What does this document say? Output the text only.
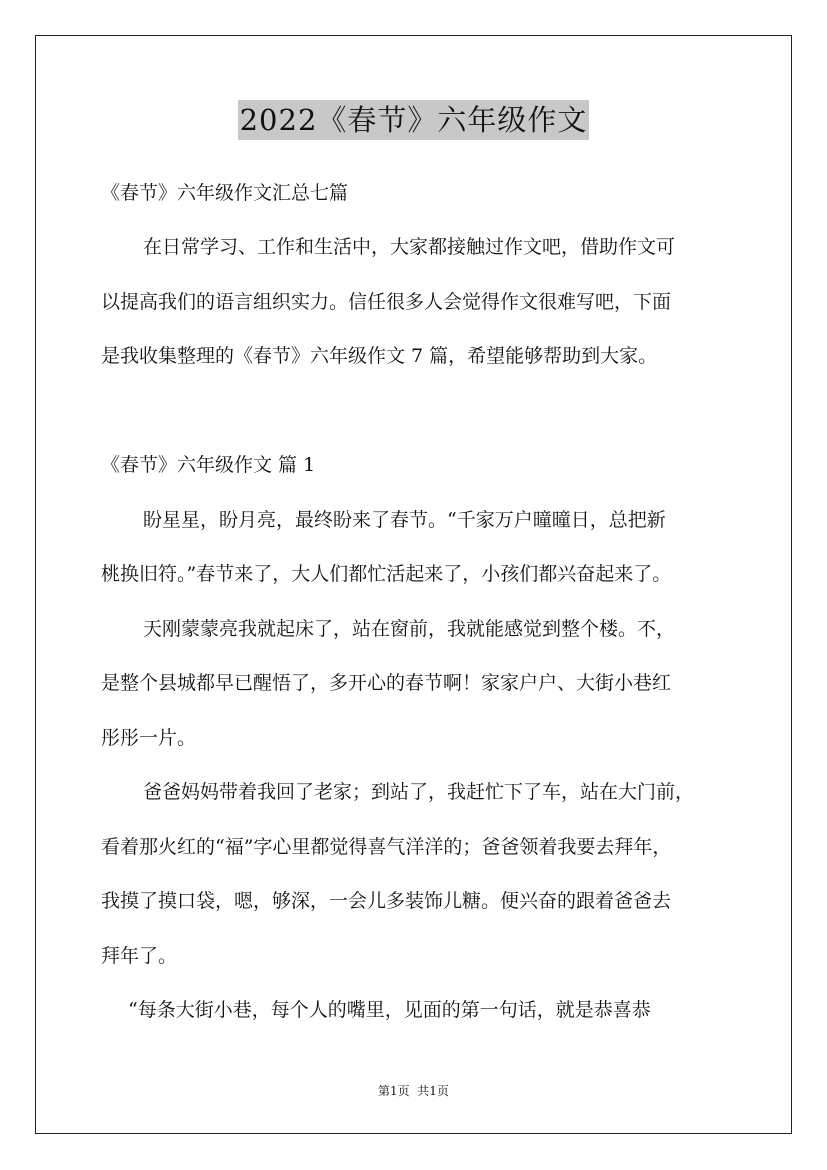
2022《春节》六年级作文
《春节》六年级作文汇总七篇
在日常学习、工作和生活中，大家都接触过作文吧，借助作文可
以提高我们的语言组织实力。信任很多人会觉得作文很难写吧，下面
是我收集整理的《春节》六年级作文 7 篇，希望能够帮助到大家。
《春节》六年级作文 篇 1
盼星星，盼月亮，最终盼来了春节。“千家万户曈曈日，总把新
桃换旧符。”春节来了，大人们都忙活起来了，小孩们都兴奋起来了。
天刚蒙蒙亮我就起床了，站在窗前，我就能感觉到整个楼。不，
是整个县城都早已醒悟了，多开心的春节啊！家家户户、大街小巷红
彤彤一片。
爸爸妈妈带着我回了老家；到站了，我赶忙下了车，站在大门前，
看着那火红的“福”字心里都觉得喜气洋洋的；爸爸领着我要去拜年，
我摸了摸口袋，嗯，够深，一会儿多装饰儿糖。便兴奋的跟着爸爸去
拜年了。
“每条大街小巷，每个人的嘴里，见面的第一句话，就是恭喜恭
第1页  共1页
